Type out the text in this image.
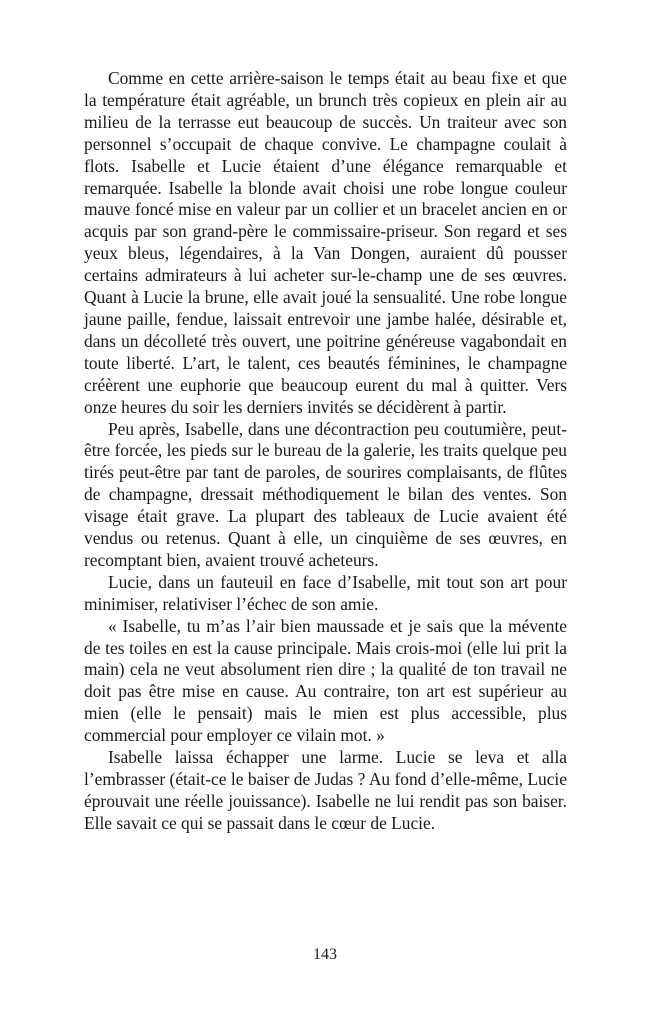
Comme en cette arrière-saison le temps était au beau fixe et que la température était agréable, un brunch très copieux en plein air au milieu de la terrasse eut beaucoup de succès. Un traiteur avec son personnel s’occupait de chaque convive. Le champagne coulait à flots. Isabelle et Lucie étaient d’une élégance remarquable et remarquée. Isabelle la blonde avait choisi une robe longue couleur mauve foncé mise en valeur par un collier et un bracelet ancien en or acquis par son grand-père le commissaire-priseur. Son regard et ses yeux bleus, légendaires, à la Van Dongen, auraient dû pousser certains admirateurs à lui acheter sur-le-champ une de ses œuvres. Quant à Lucie la brune, elle avait joué la sensualité. Une robe longue jaune paille, fendue, laissait entrevoir une jambe halée, désirable et, dans un décolleté très ouvert, une poitrine généreuse vagabondait en toute liberté. L’art, le talent, ces beautés féminines, le champagne créèrent une euphorie que beaucoup eurent du mal à quitter. Vers onze heures du soir les derniers invités se décidèrent à partir.

Peu après, Isabelle, dans une décontraction peu coutumière, peut-être forcée, les pieds sur le bureau de la galerie, les traits quelque peu tirés peut-être par tant de paroles, de sourires complaisants, de flûtes de champagne, dressait méthodiquement le bilan des ventes. Son visage était grave. La plupart des tableaux de Lucie avaient été vendus ou retenus. Quant à elle, un cinquième de ses œuvres, en recomptant bien, avaient trouvé acheteurs.

Lucie, dans un fauteuil en face d’Isabelle, mit tout son art pour minimiser, relativiser l’échec de son amie.

« Isabelle, tu m’as l’air bien maussade et je sais que la mévente de tes toiles en est la cause principale. Mais crois-moi (elle lui prit la main) cela ne veut absolument rien dire ; la qualité de ton travail ne doit pas être mise en cause. Au contraire, ton art est supérieur au mien (elle le pensait) mais le mien est plus accessible, plus commercial pour employer ce vilain mot. »

Isabelle laissa échapper une larme. Lucie se leva et alla l’embrasser (était-ce le baiser de Judas ? Au fond d’elle-même, Lucie éprouvait une réelle jouissance). Isabelle ne lui rendit pas son baiser. Elle savait ce qui se passait dans le cœur de Lucie.

143
